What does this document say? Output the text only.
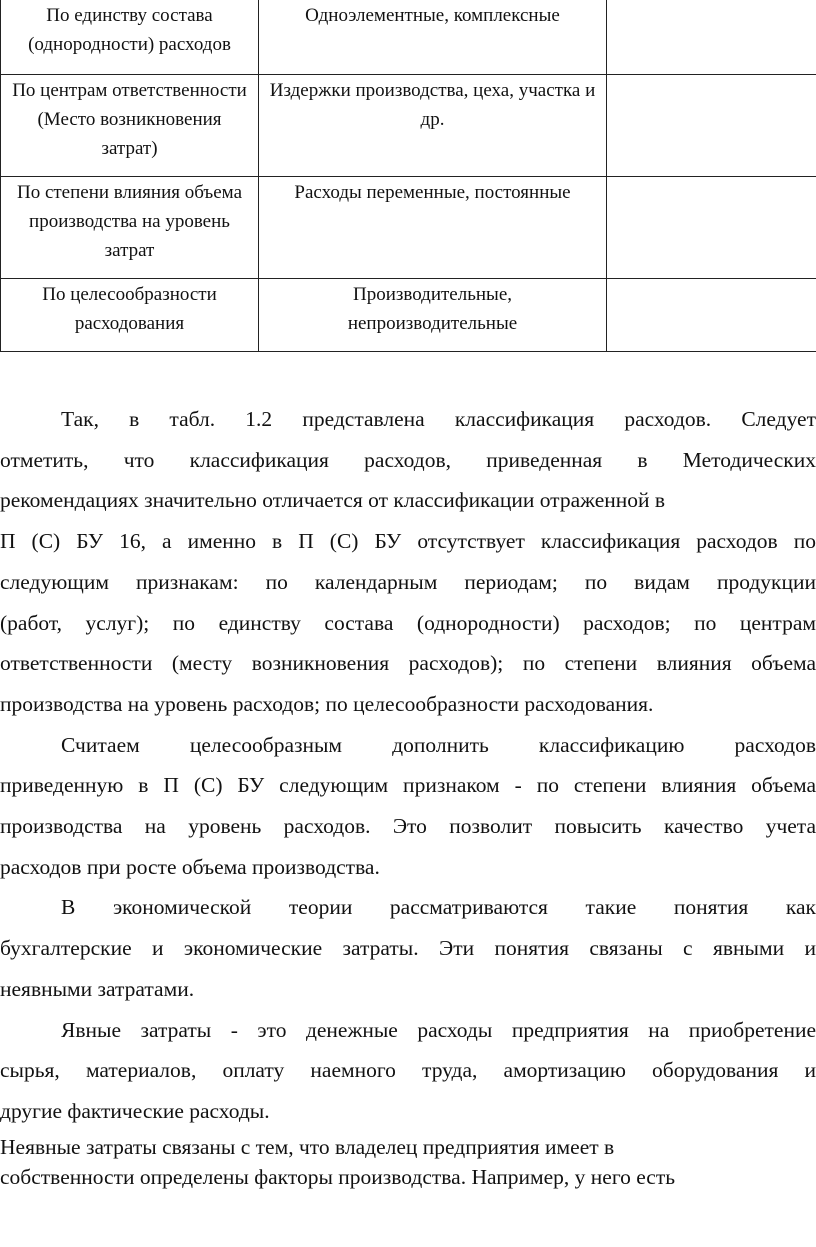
По единству состава (однородности) расходов	Одноэлементные, комплексные	
По центрам ответственности (Место возникновения затрат)	Издержки производства, цеха, участка и др.	
По степени влияния объема производства на уровень затрат	Расходы переменные, постоянные	
По целесообразности расходования	Производительные, непроизводительные	

Так, в табл. 1.2 представлена классификация расходов. Следует
отметить, что классификация расходов, приведенная в Методических
рекомендациях значительно отличается от классификации отраженной в
П (С) БУ 16, а именно в П (С) БУ отсутствует классификация расходов по
следующим признакам: по календарным периодам; по видам продукции
(работ, услуг); по единству состава (однородности) расходов; по центрам
ответственности (месту возникновения расходов); по степени влияния объема
производства на уровень расходов; по целесообразности расходования.

Считаем целесообразным дополнить классификацию расходов
приведенную в П (С) БУ следующим признаком - по степени влияния объема
производства на уровень расходов. Это позволит повысить качество учета
расходов при росте объема производства.

В экономической теории рассматриваются такие понятия как
бухгалтерские и экономические затраты. Эти понятия связаны с явными и
неявными затратами.

Явные затраты - это денежные расходы предприятия на приобретение
сырья, материалов, оплату наемного труда, амортизацию оборудования и
другие фактические расходы.

Неявные затраты связаны с тем, что владелец предприятия имеет в
собственности определены факторы производства. Например, у него есть
